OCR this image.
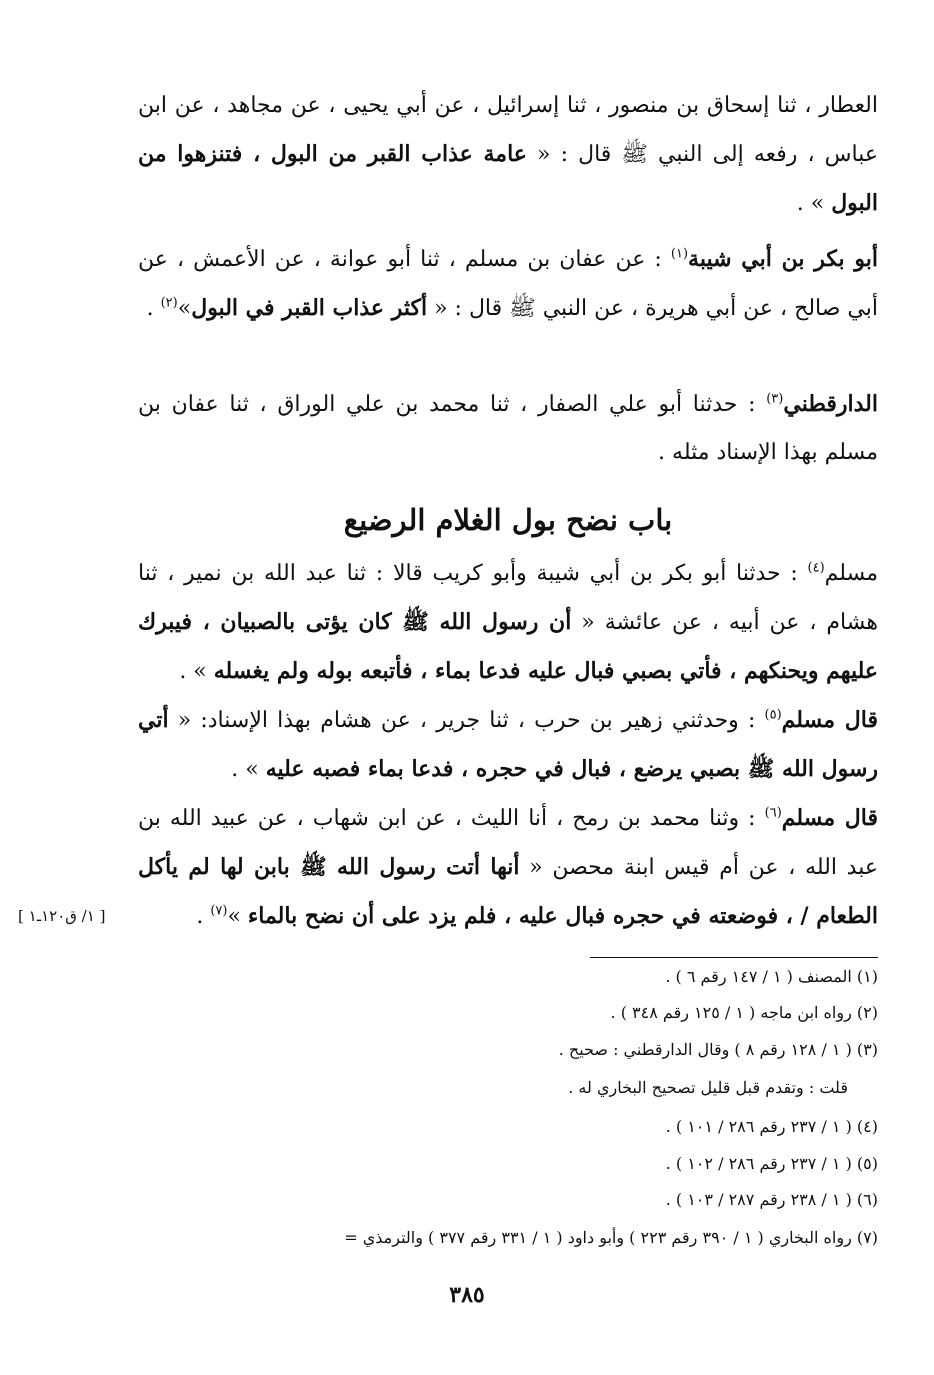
العطار ، ثنا إسحاق بن منصور ، ثنا إسرائيل ، عن أبي يحيى ، عن مجاهد ، عن ابن عباس ، رفعه إلى النبي ﷺ قال : « عامة عذاب القبر من البول ، فتنزهوا من البول » .

أبو بكر بن أبي شيبة$^{(١)}$ : عن عفان بن مسلم ، ثنا أبو عوانة ، عن الأعمش ، عن أبي صالح ، عن أبي هريرة ، عن النبي ﷺ قال : « أكثر عذاب القبر في البول»$^{(٢)}$ .

الدارقطني$^{(٣)}$ : حدثنا أبو علي الصفار ، ثنا محمد بن علي الوراق ، ثنا عفان بن مسلم بهذا الإسناد مثله .

باب نضح بول الغلام الرضيع

مسلم$^{(٤)}$ : حدثنا أبو بكر بن أبي شيبة وأبو كريب قالا : ثنا عبد الله بن نمير ، ثنا هشام ، عن أبيه ، عن عائشة « أن رسول الله ﷺ كان يؤتى بالصبيان ، فيبرك عليهم ويحنكهم ، فأتي بصبي فبال عليه فدعا بماء ، فأتبعه بوله ولم يغسله » .

قال مسلم$^{(٥)}$ : وحدثني زهير بن حرب ، ثنا جرير ، عن هشام بهذا الإسناد: « أتي رسول الله ﷺ بصبي يرضع ، فبال في حجره ، فدعا بماء فصبه عليه » .

قال مسلم$^{(٦)}$ : وثنا محمد بن رمح ، أنا الليث ، عن ابن شهاب ، عن عبيد الله بن عبد الله ، عن أم قيس ابنة محصن « أنها أتت رسول الله ﷺ بابن لها لم يأكل الطعام / ، فوضعته في حجره فبال عليه ، فلم يزد على أن نضح بالماء »$^{(٧)}$ .

[ ١/ ق١٢٠ـ١ ]
(١) المصنف ( ١ / ١٤٧ رقم ٦ ) .
(٢) رواه ابن ماجه ( ١ / ١٢٥ رقم ٣٤٨ ) .
(٣) ( ١ / ١٢٨ رقم ٨ ) وقال الدارقطني : صحيح .
قلت : وتقدم قبل قليل تصحيح البخاري له .
(٤) ( ١ / ٢٣٧ رقم ٢٨٦ / ١٠١ ) .
(٥) ( ١ / ٢٣٧ رقم ٢٨٦ / ١٠٢ ) .
(٦) ( ١ / ٢٣٨ رقم ٢٨٧ / ١٠٣ ) .
(٧) رواه البخاري ( ١ / ٣٩٠ رقم ٢٢٣ ) وأبو داود ( ١ / ٣٣١ رقم ٣٧٧ ) والترمذي =
٣٨٥
